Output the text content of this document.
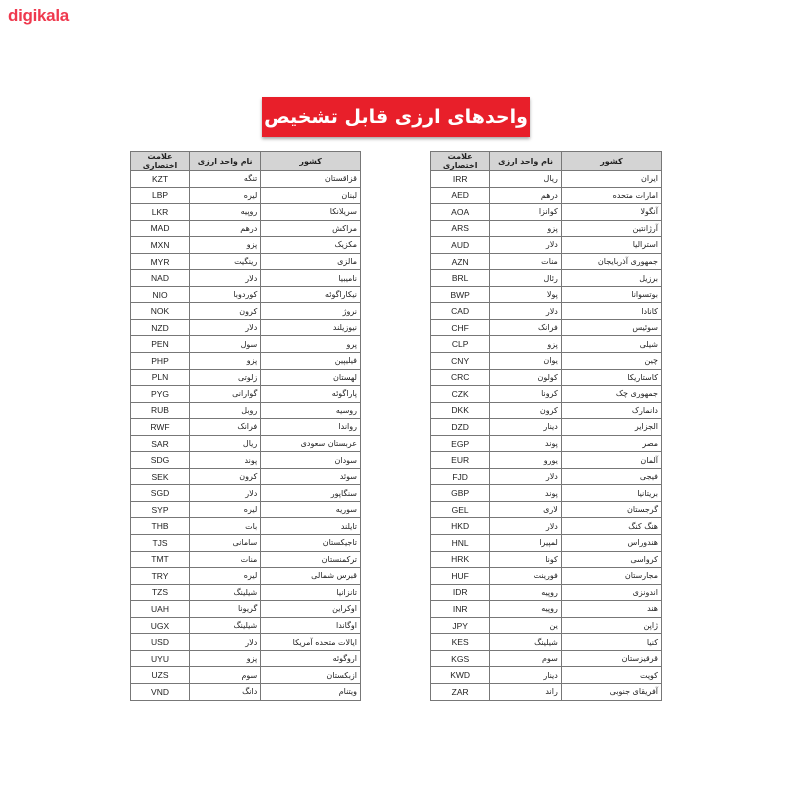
digikala
واحدهای ارزی قابل تشخیص
کشور	نام واحد ارزی	علامت اختصاری
ایران	ریال	IRR
امارات متحده	درهم	AED
آنگولا	کوانزا	AOA
آرژانتین	پزو	ARS
استرالیا	دلار	AUD
جمهوری آذربایجان	منات	AZN
برزیل	رئال	BRL
بوتسوانا	پولا	BWP
کانادا	دلار	CAD
سوئیس	فرانک	CHF
شیلی	پزو	CLP
چین	یوان	CNY
کاستاریکا	کولون	CRC
جمهوری چک	کرونا	CZK
دانمارک	کرون	DKK
الجزایر	دینار	DZD
مصر	پوند	EGP
آلمان	یورو	EUR
فیجی	دلار	FJD
بریتانیا	پوند	GBP
گرجستان	لاری	GEL
هنگ کنگ	دلار	HKD
هندوراس	لمپیرا	HNL
کرواسی	کونا	HRK
مجارستان	فورینت	HUF
اندونزی	روپیه	IDR
هند	روپیه	INR
ژاپن	ین	JPY
کنیا	شیلینگ	KES
قرقیزستان	سوم	KGS
کویت	دینار	KWD
آفریقای جنوبی	راند	ZAR
کشور	نام واحد ارزی	علامت اختصاری
قزاقستان	تنگه	KZT
لبنان	لیره	LBP
سریلانکا	روپیه	LKR
مراکش	درهم	MAD
مکزیک	پزو	MXN
مالزی	رینگیت	MYR
نامیبیا	دلار	NAD
نیکاراگوئه	کوردوبا	NIO
نروژ	کرون	NOK
نیوزیلند	دلار	NZD
پرو	سول	PEN
فیلیپین	پزو	PHP
لهستان	زلوتی	PLN
پاراگوئه	گوارانی	PYG
روسیه	روبل	RUB
رواندا	فرانک	RWF
عربستان سعودی	ریال	SAR
سودان	پوند	SDG
سوئد	کرون	SEK
سنگاپور	دلار	SGD
سوریه	لیره	SYP
تایلند	بات	THB
تاجیکستان	سامانی	TJS
ترکمنستان	منات	TMT
قبرس شمالی	لیره	TRY
تانزانیا	شیلینگ	TZS
اوکراین	گریونا	UAH
اوگاندا	شیلینگ	UGX
ایالات متحده آمریکا	دلار	USD
اروگوئه	پزو	UYU
ازبکستان	سوم	UZS
ویتنام	دانگ	VND
